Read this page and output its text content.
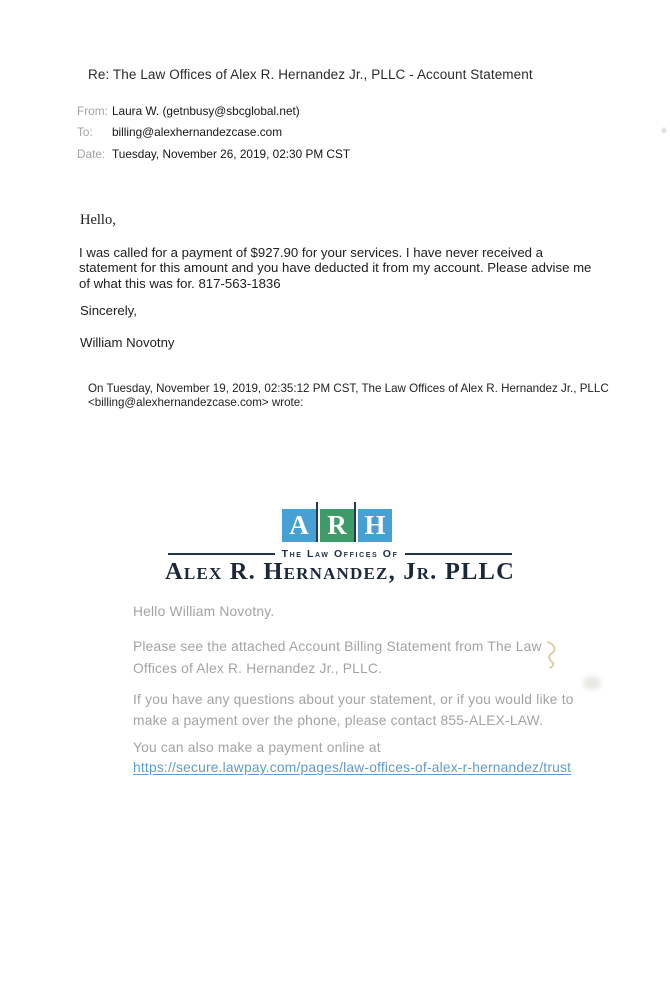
Re: The Law Offices of Alex R. Hernandez Jr., PLLC - Account Statement
From: Laura W. (getnbusy@sbcglobal.net)
To: billing@alexhernandezcase.com
Date: Tuesday, November 26, 2019, 02:30 PM CST
Hello,
I was called for a payment of $927.90 for your services. I have never received a
statement for this amount and you have deducted it from my account. Please advise me
of what this was for. 817-563-1836
Sincerely,
William Novotny
On Tuesday, November 19, 2019, 02:35:12 PM CST, The Law Offices of Alex R. Hernandez Jr., PLLC
<billing@alexhernandezcase.com> wrote:
A R H
The Law Offices Of
Alex R. Hernandez, Jr. PLLC
Hello William Novotny.
Please see the attached Account Billing Statement from The Law
Offices of Alex R. Hernandez Jr., PLLC.
If you have any questions about your statement, or if you would like to
make a payment over the phone, please contact 855-ALEX-LAW.
You can also make a payment online at
https://secure.lawpay.com/pages/law-offices-of-alex-r-hernandez/trust
